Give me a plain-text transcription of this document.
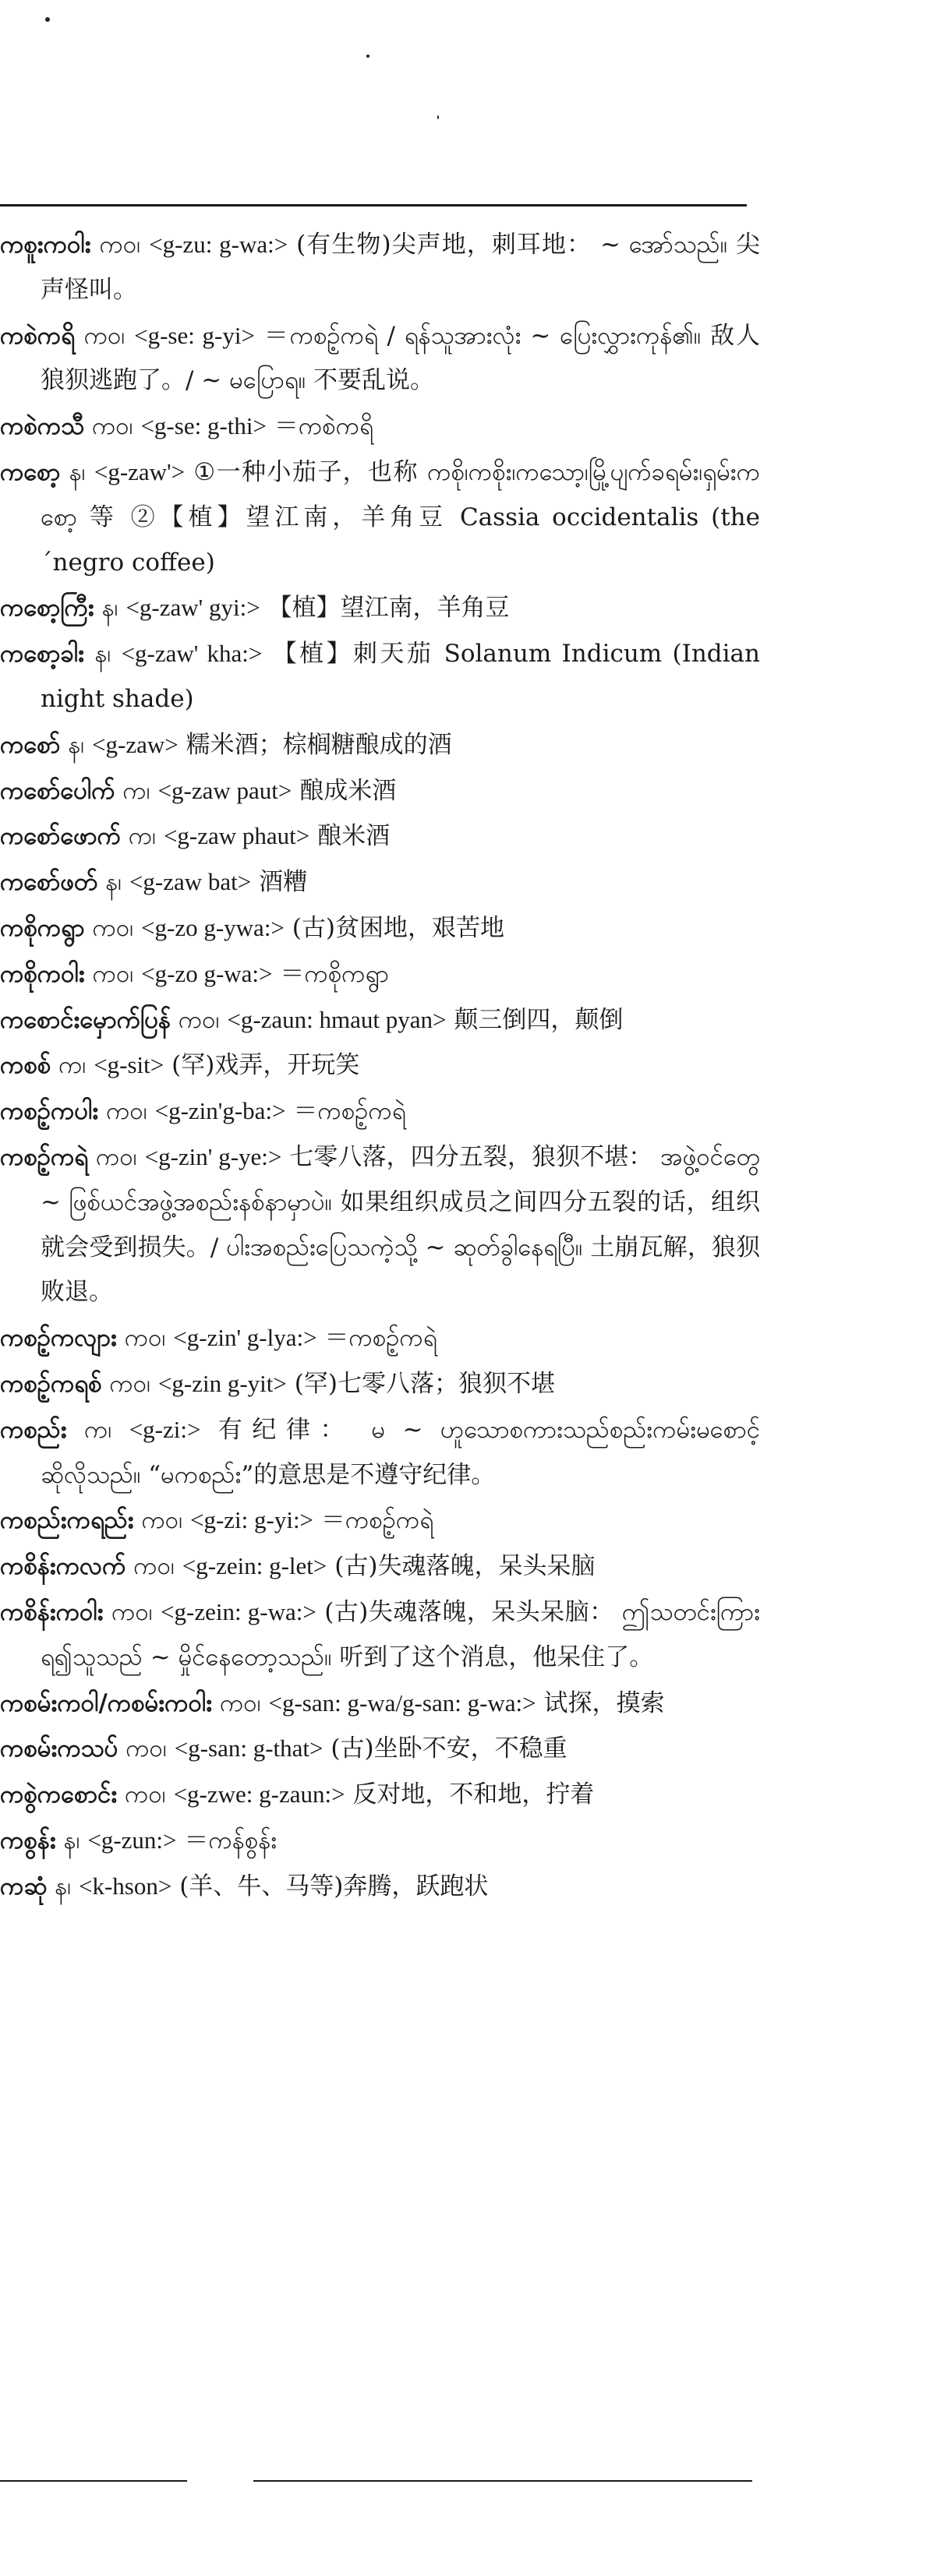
ကစူးကဝါး ကဝ၊ <g-zu: g-wa:> (有生物)尖声地，刺耳地： ~ အော်သည်။ 尖声怪叫。

ကစဲကရိ ကဝ၊ <g-se: g-yi> ＝ကစဥ့်ကရဲ / ရန်သူအားလုံး ~ ပြေးလွှားကုန်၏။ 敌人狼狈逃跑了。/ ~ မပြောရ။ 不要乱说。

ကစဲကသီ ကဝ၊ <g-se: g-thi> ＝ကစဲကရိ

ကစော့ န၊ <g-zaw'> ①一种小茄子，也称 ကစို၊ကစိုး၊ကသော့၊မြို့ပျက်ခရမ်း၊ရှမ်းကစော့ 等 ②【植】望江南，羊角豆 Cassia occidentalis (the´negro coffee)

ကစော့ကြီး န၊ <g-zaw' gyi:> 【植】望江南，羊角豆

ကစော့ခါး န၊ <g-zaw' kha:> 【植】刺天茄 Solanum Indicum (Indian night shade)

ကစော် န၊ <g-zaw> 糯米酒；棕榈糖酿成的酒

ကစော်ပေါက် က၊ <g-zaw paut> 酿成米酒

ကစော်ဖောက် က၊ <g-zaw phaut> 酿米酒

ကစော်ဖတ် န၊ <g-zaw bat> 酒糟

ကစိုကရွာ ကဝ၊ <g-zo g-ywa:> (古)贫困地，艰苦地

ကစိုကဝါး ကဝ၊ <g-zo g-wa:> ＝ကစိုကရွာ

ကစောင်းမှောက်ပြန် ကဝ၊ <g-zaun: hmaut pyan> 颠三倒四，颠倒

ကစစ် က၊ <g-sit> (罕)戏弄，开玩笑

ကစဥ့်ကပါး ကဝ၊ <g-zin'g-ba:> ＝ကစဥ့်ကရဲ

ကစဥ့်ကရဲ ကဝ၊ <g-zin' g-ye:> 七零八落，四分五裂，狼狈不堪： အဖွဲ့ဝင်တွေ ~ ဖြစ်ယင်အဖွဲ့အစည်းနစ်နာမှာပဲ။ 如果组织成员之间四分五裂的话，组织就会受到损失。/ ပါးအစည်းပြေသကဲ့သို့ ~ ဆုတ်ခွါနေရပြီ။ 土崩瓦解，狼狈败退。

ကစဥ့်ကလျား ကဝ၊ <g-zin' g-lya:> ＝ကစဥ့်ကရဲ

ကစဉ့်ကရစ် ကဝ၊ <g-zin g-yit> (罕)七零八落；狼狈不堪

ကစည်း က၊ <g-zi:> 有纪律： မ ~ ဟူသောစကားသည်စည်းကမ်းမစောင့်ဆိုလိုသည်။ “မကစည်း”的意思是不遵守纪律。

ကစည်းကရည်း ကဝ၊ <g-zi: g-yi:> ＝ကစဥ့်ကရဲ

ကစိန်းကလက် ကဝ၊ <g-zein: g-let> (古)失魂落魄，呆头呆脑

ကစိန်းကဝါး ကဝ၊ <g-zein: g-wa:> (古)失魂落魄，呆头呆脑： ဤသတင်းကြားရ၍သူသည် ~ မှိုင်နေတော့သည်။ 听到了这个消息，他呆住了。

ကစမ်းကဝါ/ကစမ်းကဝါး ကဝ၊ <g-san: g-wa/g-san: g-wa:> 试探，摸索

ကစမ်းကသပ် ကဝ၊ <g-san: g-that> (古)坐卧不安，不稳重

ကစွဲကစောင်း ကဝ၊ <g-zwe: g-zaun:> 反对地，不和地，拧着

ကစွန်း န၊ <g-zun:> ＝ကန်စွန်း

ကဆုံ န၊ <k-hson> (羊、牛、马等)奔腾，跃跑状
